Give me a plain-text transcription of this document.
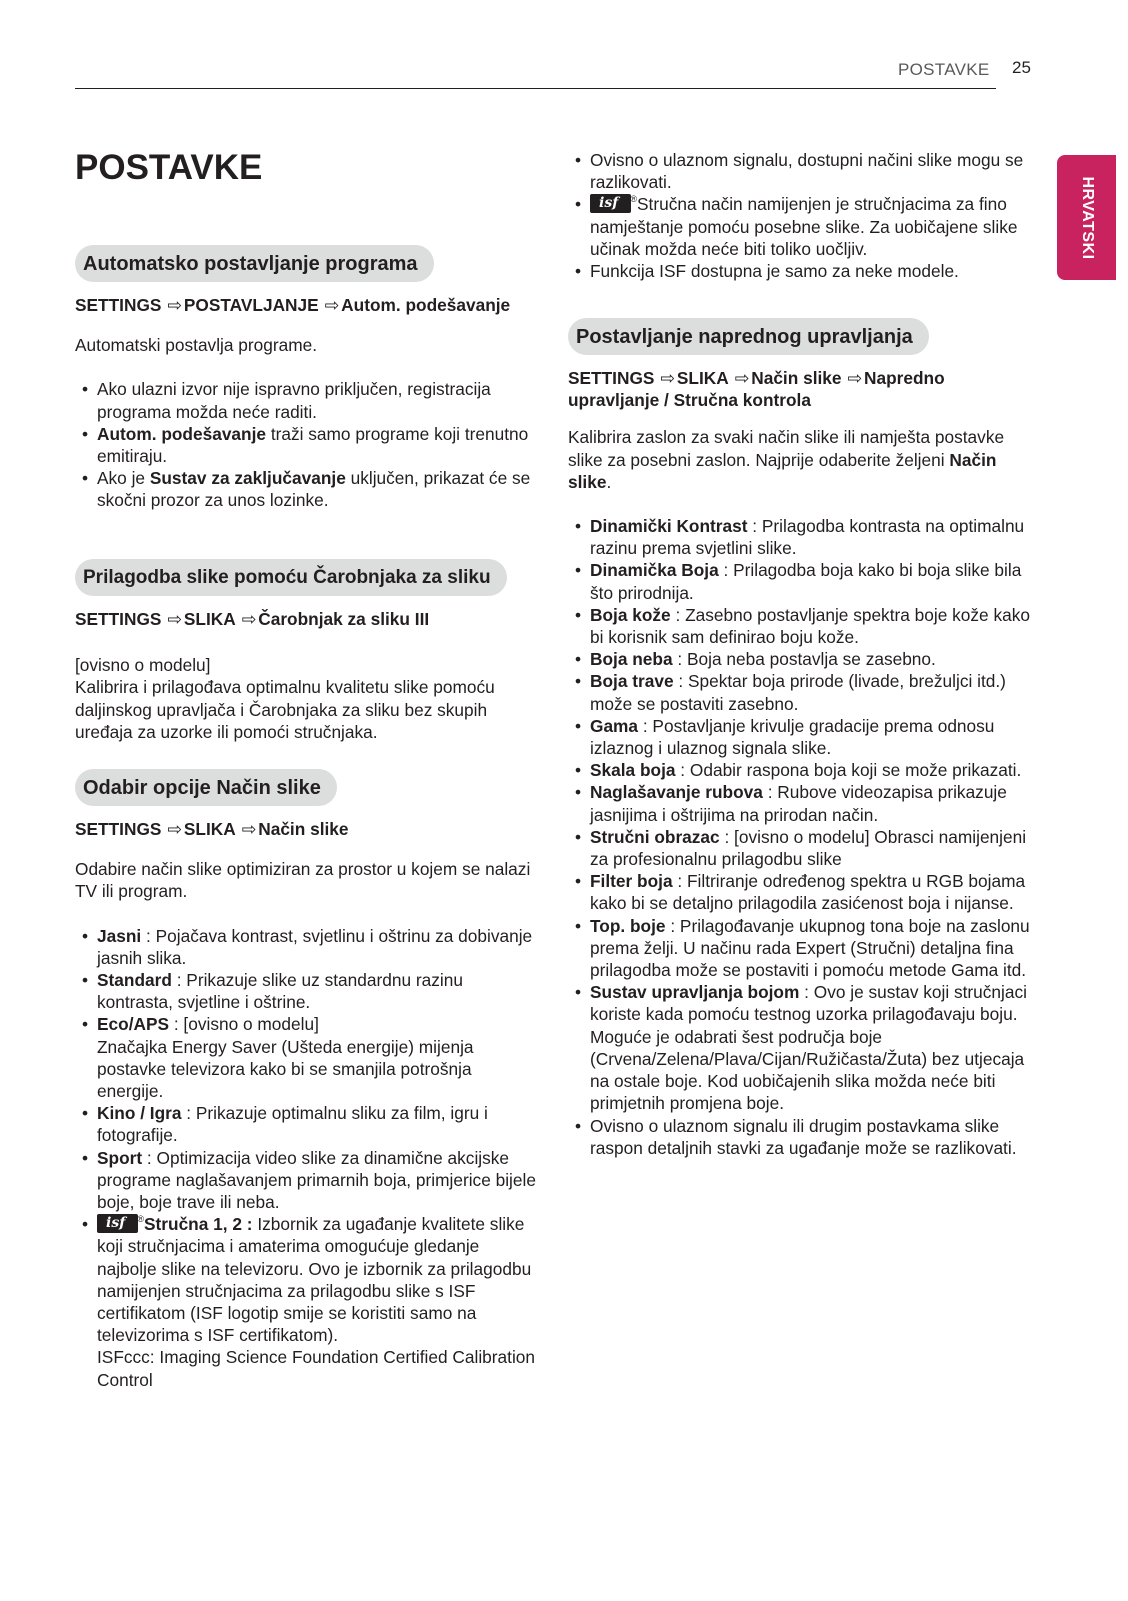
POSTAVKE 25
HRVATSKI
POSTAVKE
Automatsko postavljanje programa

SETTINGS ⇨ POSTAVLJANJE ⇨ Autom. podešavanje

Automatski postavlja programe.

• Ako ulazni izvor nije ispravno priključen, registracija programa možda neće raditi.
• Autom. podešavanje traži samo programe koji trenutno emitiraju.
• Ako je Sustav za zaključavanje uključen, prikazat će se skočni prozor za unos lozinke.
Prilagodba slike pomoću Čarobnjaka za sliku

SETTINGS ⇨ SLIKA ⇨ Čarobnjak za sliku III

[ovisno o modelu]

Kalibrira i prilagođava optimalnu kvalitetu slike pomoću daljinskog upravljača i Čarobnjaka za sliku bez skupih uređaja za uzorke ili pomoći stručnjaka.

Odabir opcije Način slike

SETTINGS ⇨ SLIKA ⇨ Način slike

Odabire način slike optimiziran za prostor u kojem se nalazi TV ili program.

• Jasni : Pojačava kontrast, svjetlinu i oštrinu za dobivanje jasnih slika.
• Standard : Prikazuje slike uz standardnu razinu kontrasta, svjetline i oštrine.
• Eco/APS : [ovisno o modelu]
Značajka Energy Saver (Ušteda energije) mijenja postavke televizora kako bi se smanjila potrošnja energije.
• Kino / Igra : Prikazuje optimalnu sliku za film, igru i fotografije.
• Sport : Optimizacija video slike za dinamične akcijske programe naglašavanjem primarnih boja, primjerice bijele boje, boje trave ili neba.
• isf ® Stručna 1, 2 : Izbornik za ugađanje kvalitete slike koji stručnjacima i amaterima omogućuje gledanje najbolje slike na televizoru. Ovo je izbornik za prilagodbu namijenjen stručnjacima za prilagodbu slike s ISF certifikatom (ISF logotip smije se koristiti samo na televizorima s ISF certifikatom).
ISFccc: Imaging Science Foundation Certified Calibration Control
• Ovisno o ulaznom signalu, dostupni načini slike mogu se razlikovati.
• isf ® Stručna način namijenjen je stručnjacima za fino namještanje pomoću posebne slike. Za uobičajene slike učinak možda neće biti toliko uočljiv.
• Funkcija ISF dostupna je samo za neke modele.
Postavljanje naprednog upravljanja

SETTINGS ⇨ SLIKA ⇨ Način slike ⇨ Napredno upravljanje / Stručna kontrola

Kalibrira zaslon za svaki način slike ili namješta postavke slike za posebni zaslon. Najprije odaberite željeni Način slike.

• Dinamički Kontrast : Prilagodba kontrasta na optimalnu razinu prema svjetlini slike.
• Dinamička Boja : Prilagodba boja kako bi boja slike bila što prirodnija.
• Boja kože : Zasebno postavljanje spektra boje kože kako bi korisnik sam definirao boju kože.
• Boja neba : Boja neba postavlja se zasebno.
• Boja trave : Spektar boja prirode (livade, brežuljci itd.) može se postaviti zasebno.
• Gama : Postavljanje krivulje gradacije prema odnosu izlaznog i ulaznog signala slike.
• Skala boja : Odabir raspona boja koji se može prikazati.
• Naglašavanje rubova : Rubove videozapisa prikazuje jasnijima i oštrijima na prirodan način.
• Stručni obrazac : [ovisno o modelu] Obrasci namijenjeni za profesionalnu prilagodbu slike
• Filter boja : Filtriranje određenog spektra u RGB bojama kako bi se detaljno prilagodila zasićenost boja i nijanse.
• Top. boje : Prilagođavanje ukupnog tona boje na zaslonu prema želji. U načinu rada Expert (Stručni) detaljna fina prilagodba može se postaviti i pomoću metode Gama itd.
• Sustav upravljanja bojom : Ovo je sustav koji stručnjaci koriste kada pomoću testnog uzorka prilagođavaju boju. Moguće je odabrati šest područja boje (Crvena/Zelena/Plava/Cijan/Ružičasta/Žuta) bez utjecaja na ostale boje. Kod uobičajenih slika možda neće biti primjetnih promjena boje.
• Ovisno o ulaznom signalu ili drugim postavkama slike raspon detaljnih stavki za ugađanje može se razlikovati.
